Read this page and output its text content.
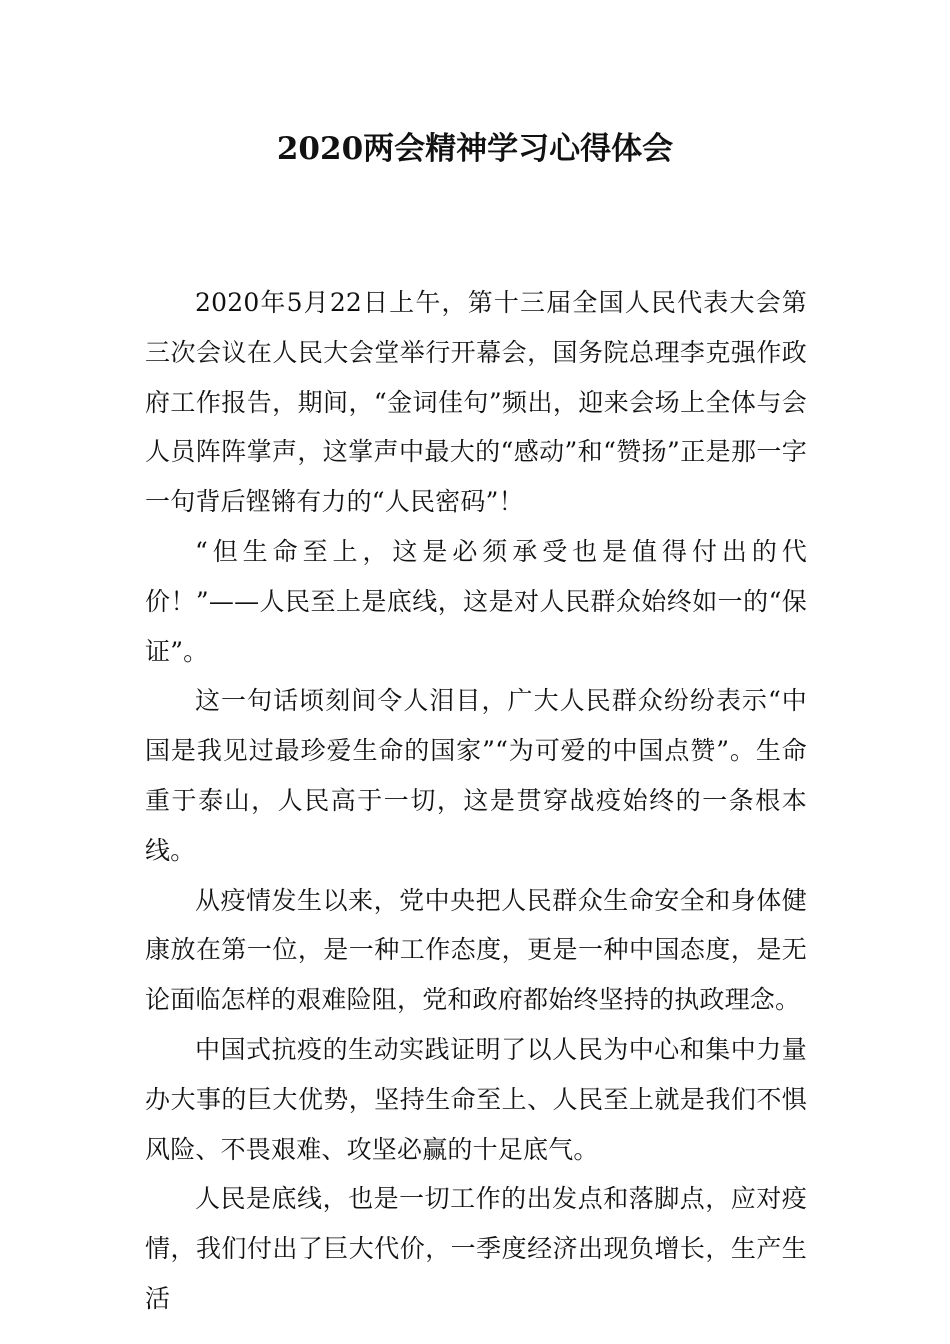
2020两会精神学习心得体会

2020年5月22日上午，第十三届全国人民代表大会第三次会议在人民大会堂举行开幕会，国务院总理李克强作政府工作报告，期间，“金词佳句”频出，迎来会场上全体与会人员阵阵掌声，这掌声中最大的“感动”和“赞扬”正是那一字一句背后铿锵有力的“人民密码”！

“但生命至上，这是必须承受也是值得付出的代价！”——人民至上是底线，这是对人民群众始终如一的“保证”。

这一句话顷刻间令人泪目，广大人民群众纷纷表示“中国是我见过最珍爱生命的国家”“为可爱的中国点赞”。生命重于泰山，人民高于一切，这是贯穿战疫始终的一条根本线。

从疫情发生以来，党中央把人民群众生命安全和身体健康放在第一位，是一种工作态度，更是一种中国态度，是无论面临怎样的艰难险阻，党和政府都始终坚持的执政理念。

中国式抗疫的生动实践证明了以人民为中心和集中力量办大事的巨大优势，坚持生命至上、人民至上就是我们不惧风险、不畏艰难、攻坚必赢的十足底气。

人民是底线，也是一切工作的出发点和落脚点，应对疫情，我们付出了巨大代价，一季度经济出现负增长，生产生活
